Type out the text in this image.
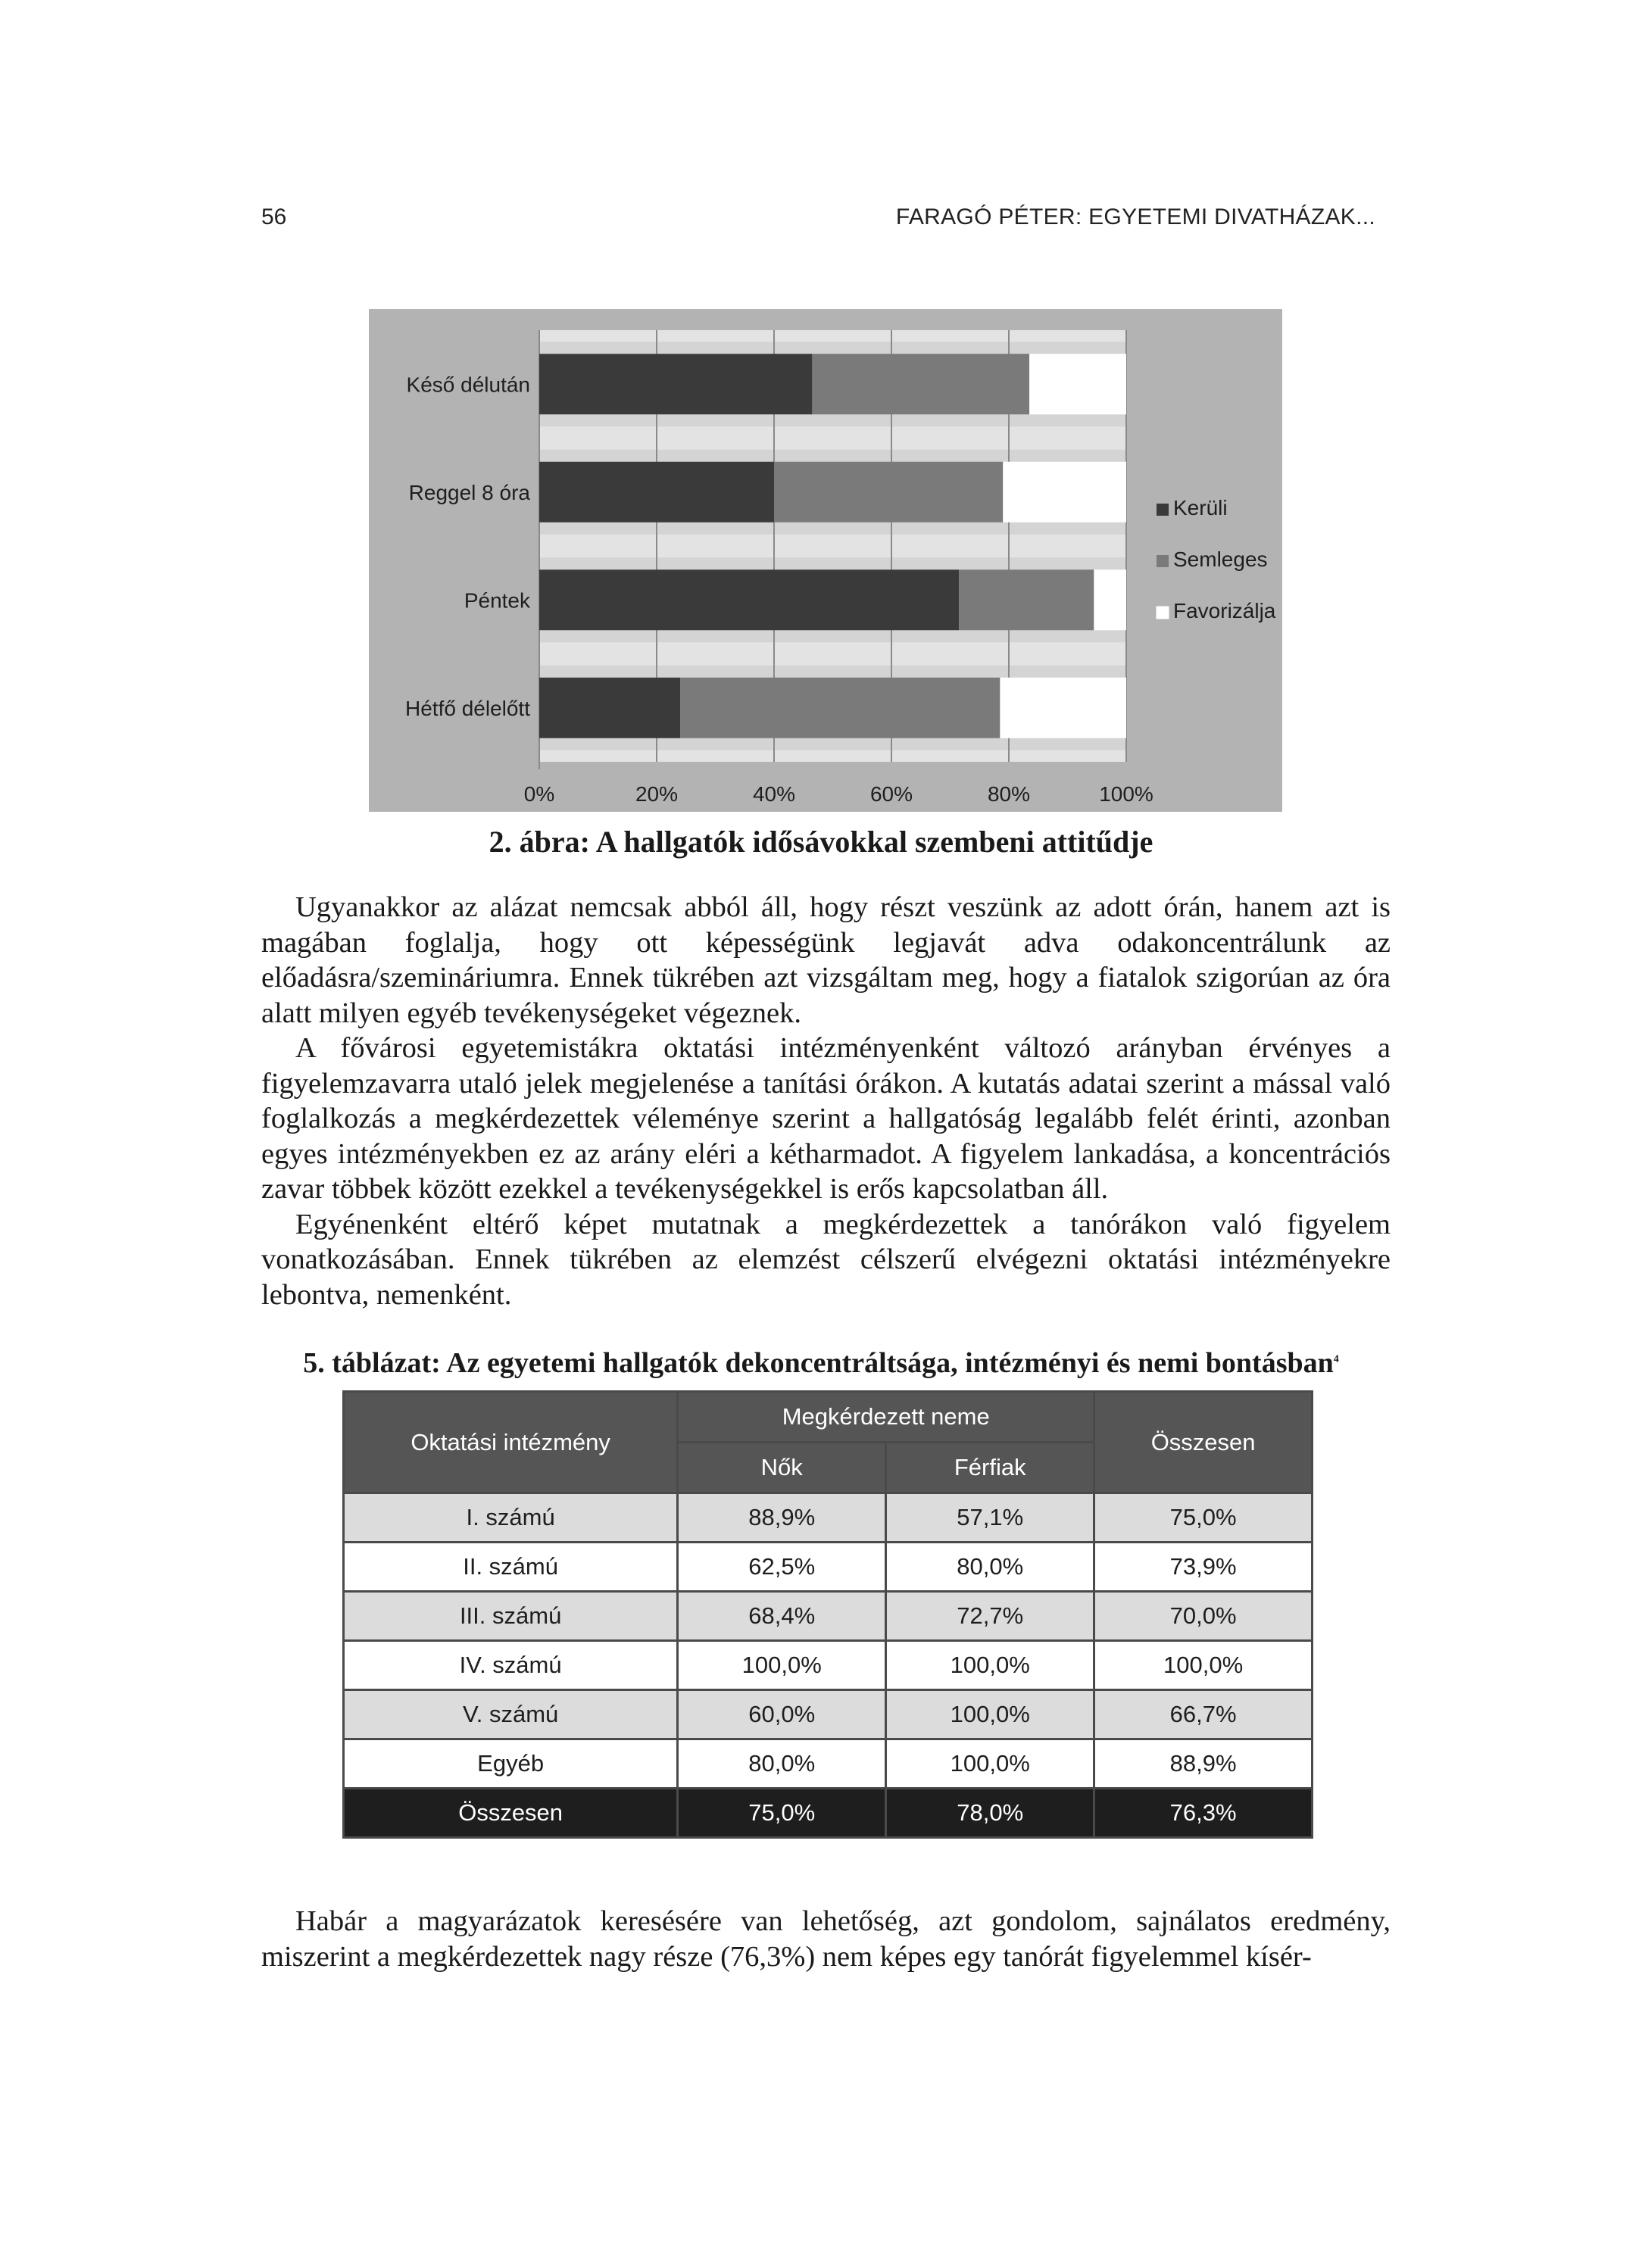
56	FARAGÓ PÉTER: EGYETEMI DIVATHÁZAK...
0%	20%	40%	60%	80%	100%
Késő délután
Reggel 8 óra
Péntek
Hétfő délelőtt
Kerüli
Semleges
Favorizálja
2. ábra: A hallgatók idősávokkal szembeni attitűdje

Ugyanakkor az alázat nemcsak abból áll, hogy részt veszünk az adott órán, hanem azt is magában foglalja, hogy ott képességünk legjavát adva odakoncentrálunk az előadásra/szemináriumra. Ennek tükrében azt vizsgáltam meg, hogy a fiatalok szigorúan az óra alatt milyen egyéb tevékenységeket végeznek.

A fővárosi egyetemistákra oktatási intézményenként változó arányban érvényes a figyelemzavarra utaló jelek megjelenése a tanítási órákon. A kutatás adatai szerint a mással való foglalkozás a megkérdezettek véleménye szerint a hallgatóság legalább felét érinti, azonban egyes intézményekben ez az arány eléri a kétharmadot. A figyelem lankadása, a koncentrációs zavar többek között ezekkel a tevékenységekkel is erős kapcsolatban áll.

Egyénenként eltérő képet mutatnak a megkérdezettek a tanórákon való figyelem vonatkozásában. Ennek tükrében az elemzést célszerű elvégezni oktatási intézményekre lebontva, nemenként.

5. táblázat: Az egyetemi hallgatók dekoncentráltsága, intézményi és nemi bontásban$^4$
Oktatási intézmény	Megkérdezett neme		Összesen
	Nők	Férfiak	
I. számú	88,9%	57,1%	75,0%
II. számú	62,5%	80,0%	73,9%
III. számú	68,4%	72,7%	70,0%
IV. számú	100,0%	100,0%	100,0%
V. számú	60,0%	100,0%	66,7%
Egyéb	80,0%	100,0%	88,9%
Összesen	75,0%	78,0%	76,3%

Habár a magyarázatok keresésére van lehetőség, azt gondolom, sajnálatos eredmény, miszerint a megkérdezettek nagy része (76,3%) nem képes egy tanórát figyelemmel kísér-
